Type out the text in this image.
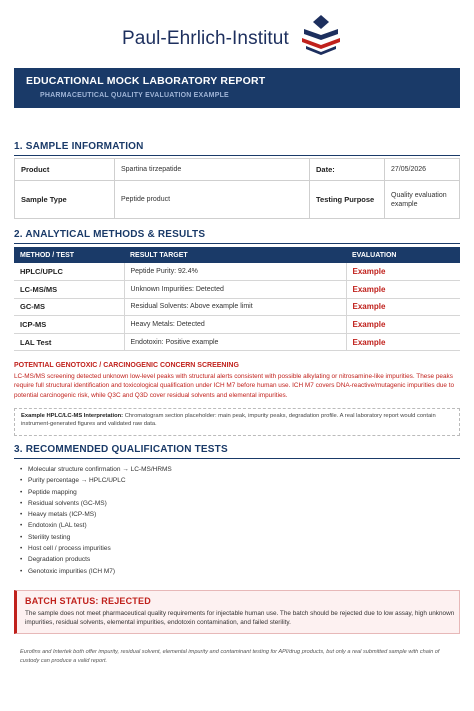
Paul-Ehrlich-Institut
EDUCATIONAL MOCK LABORATORY REPORT
PHARMACEUTICAL QUALITY EVALUATION EXAMPLE
1. SAMPLE INFORMATION
Product	Spartina tirzepatide	Date:	27/05/2026
Sample Type	Peptide product	Testing Purpose	Quality evaluation example
2. ANALYTICAL METHODS & RESULTS
METHOD / TEST	RESULT TARGET	EVALUATION
HPLC/UPLC	Peptide Purity: 92.4%	Example
LC-MS/MS	Unknown Impurities: Detected	Example
GC-MS	Residual Solvents: Above example limit	Example
ICP-MS	Heavy Metals: Detected	Example
LAL Test	Endotoxin: Positive example	Example
POTENTIAL GENOTOXIC / CARCINOGENIC CONCERN SCREENING
LC-MS/MS screening detected unknown low-level peaks with structural alerts consistent with possible alkylating or nitrosamine-like impurities. These peaks require full structural identification and toxicological qualification under ICH M7 before human use. ICH M7 covers DNA-reactive/mutagenic impurities due to potential carcinogenic risk, while Q3C and Q3D cover residual solvents and elemental impurities.
Example HPLC/LC-MS Interpretation: Chromatogram section placeholder: main peak, impurity peaks, degradation profile. A real laboratory report would contain instrument-generated figures and validated raw data.
3. RECOMMENDED QUALIFICATION TESTS
• Molecular structure confirmation → LC-MS/HRMS
• Purity percentage → HPLC/UPLC
• Peptide mapping
• Residual solvents (GC-MS)
• Heavy metals (ICP-MS)
• Endotoxin (LAL test)
• Sterility testing
• Host cell / process impurities
• Degradation products
• Genotoxic impurities (ICH M7)
BATCH STATUS: REJECTED
The sample does not meet pharmaceutical quality requirements for injectable human use. The batch should be rejected due to low assay, high unknown impurities, residual solvents, elemental impurities, endotoxin contamination, and failed sterility.
Eurofins and Intertek both offer impurity, residual solvent, elemental impurity and contaminant testing for API/drug products, but only a real submitted sample with chain of custody can produce a valid report.
